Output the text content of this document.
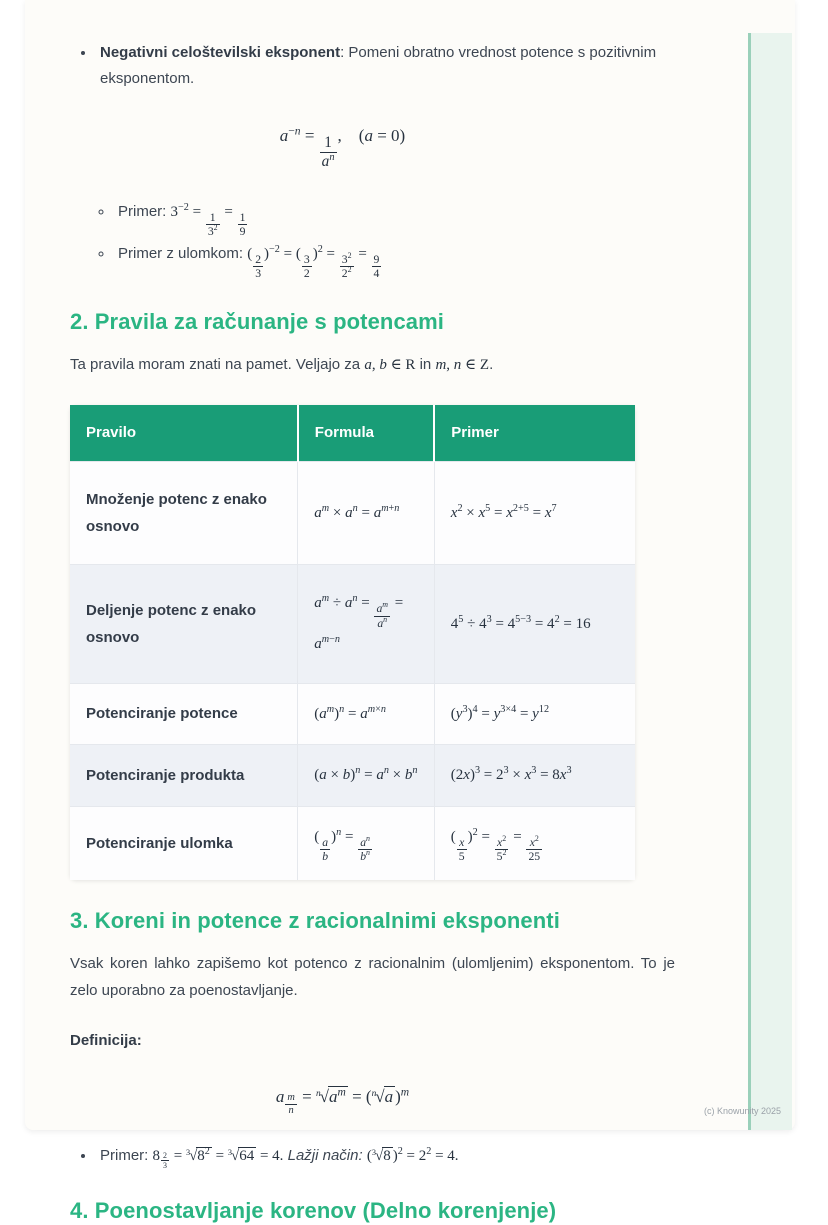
• Negativni celoštevilski eksponent: Pomeni obratno vrednost potence s pozitivnim eksponentom.
$a^{-n} = \frac{1}{a^n}$ ,    (a = 0)
◦ Primer: $3^{-2} = \frac{1}{3^2} = \frac{1}{9}$
◦ Primer z ulomkom: ( $\frac{2}{3} )^{-2}$ = ( $\frac{3}{2} )^2 = \frac{3^2}{2^2} = \frac{9}{4}$
2. Pravila za računanje s potencami

Ta pravila moram znati na pamet. Veljajo za a, b ∈ R in m, n ∈ Z.

Pravilo	Formula	Primer
Množenje potenc z enako osnovo	$a^m \times a^n = a^{m+n}$	$x^2 \times x^5 = x^{2+5} = x^7$
Deljenje potenc z enako osnovo	$a^m \div a^n = \frac{a^m}{a^n} = a^{m-n}$	$4^5 \div 4^3 = 4^{5-3} = 4^2 = 16$
Potenciranje potence	$(a^m)^n = a^{m\times n}$	$(y^3)^4 = y^{3\times 4} = y^{12}$
Potenciranje produkta	$(a \times b)^n = a^n \times b^n$	$(2x)^3 = 2^3 \times x^3 = 8x^3$
Potenciranje ulomka	( $\frac{a}{b} )^n = \frac{a^n}{b^n}$	( $\frac{x}{5} )^2 = \frac{x^2}{5^2} = \frac{x^2}{25}$
3. Koreni in potence z racionalnimi eksponenti

Vsak koren lahko zapišemo kot potenco z racionalnim (ulomljenim) eksponentom. To je zelo uporabno za poenostavljanje.

Definicija:

a $^{\frac{m}{n}} = ^n√a^m = (^n√a$ )$^m$
• Primer: 8 $^{\frac{2}{3}} = ^3√8^2 = ^3√64 = 4$. Lažji način: ($^3$√8 )$^2 = 2^2 = 4$.
4. Poenostavljanje korenov (Delno korenjenje)
(c) Knowunity 2025
